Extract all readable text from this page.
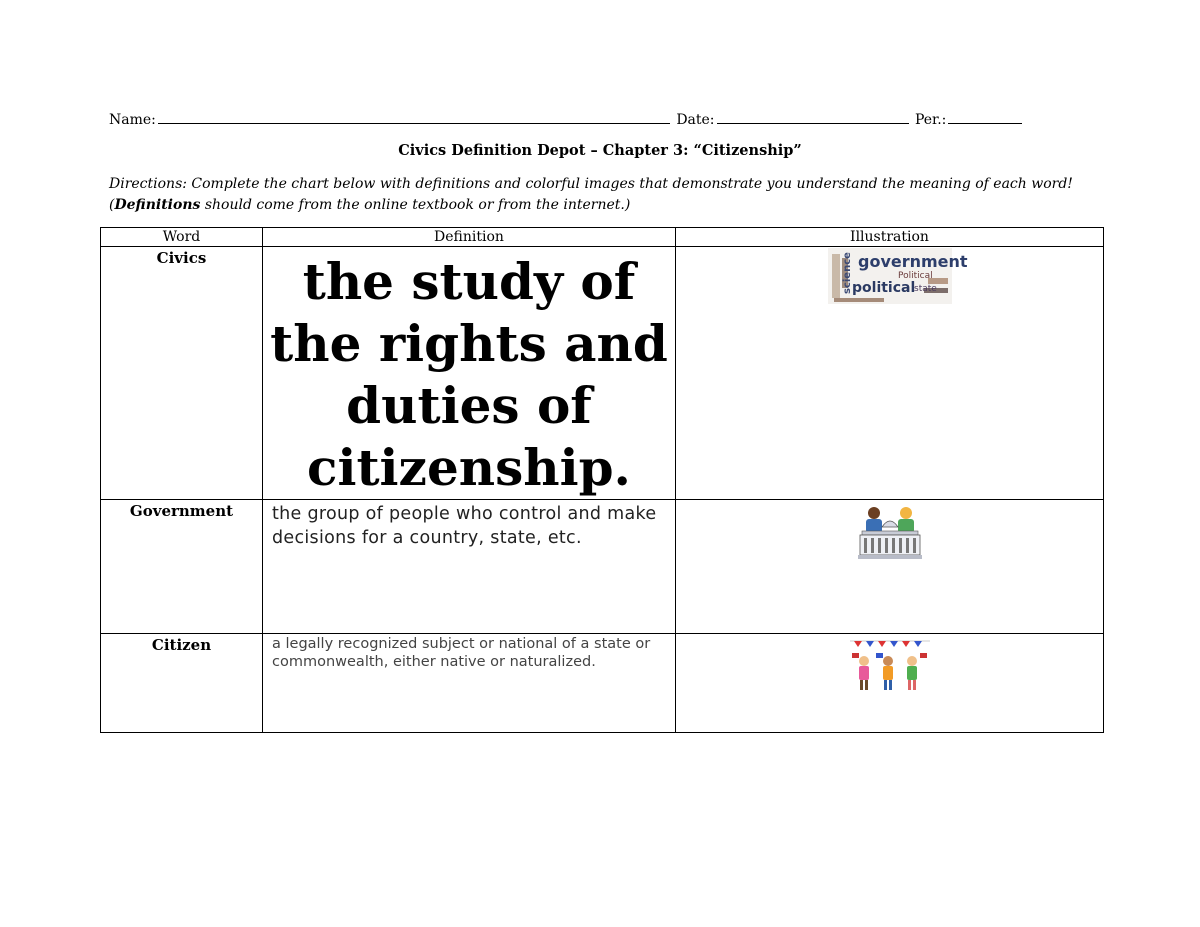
Name:	Date:	Per.:
Civics Definition Depot – Chapter 3: “Citizenship”
Directions: Complete the chart below with definitions and colorful images that demonstrate you understand the meaning of each word! (Definitions should come from the online textbook or from the internet.)
Word	Definition	Illustration
Civics	the study of the rights and duties of citizenship.	government
political
science Political
state

Government	the group of people who control and make decisions for a country, state, etc.	
Citizen	a legally recognized subject or national of a state or commonwealth, either native or naturalized.	
